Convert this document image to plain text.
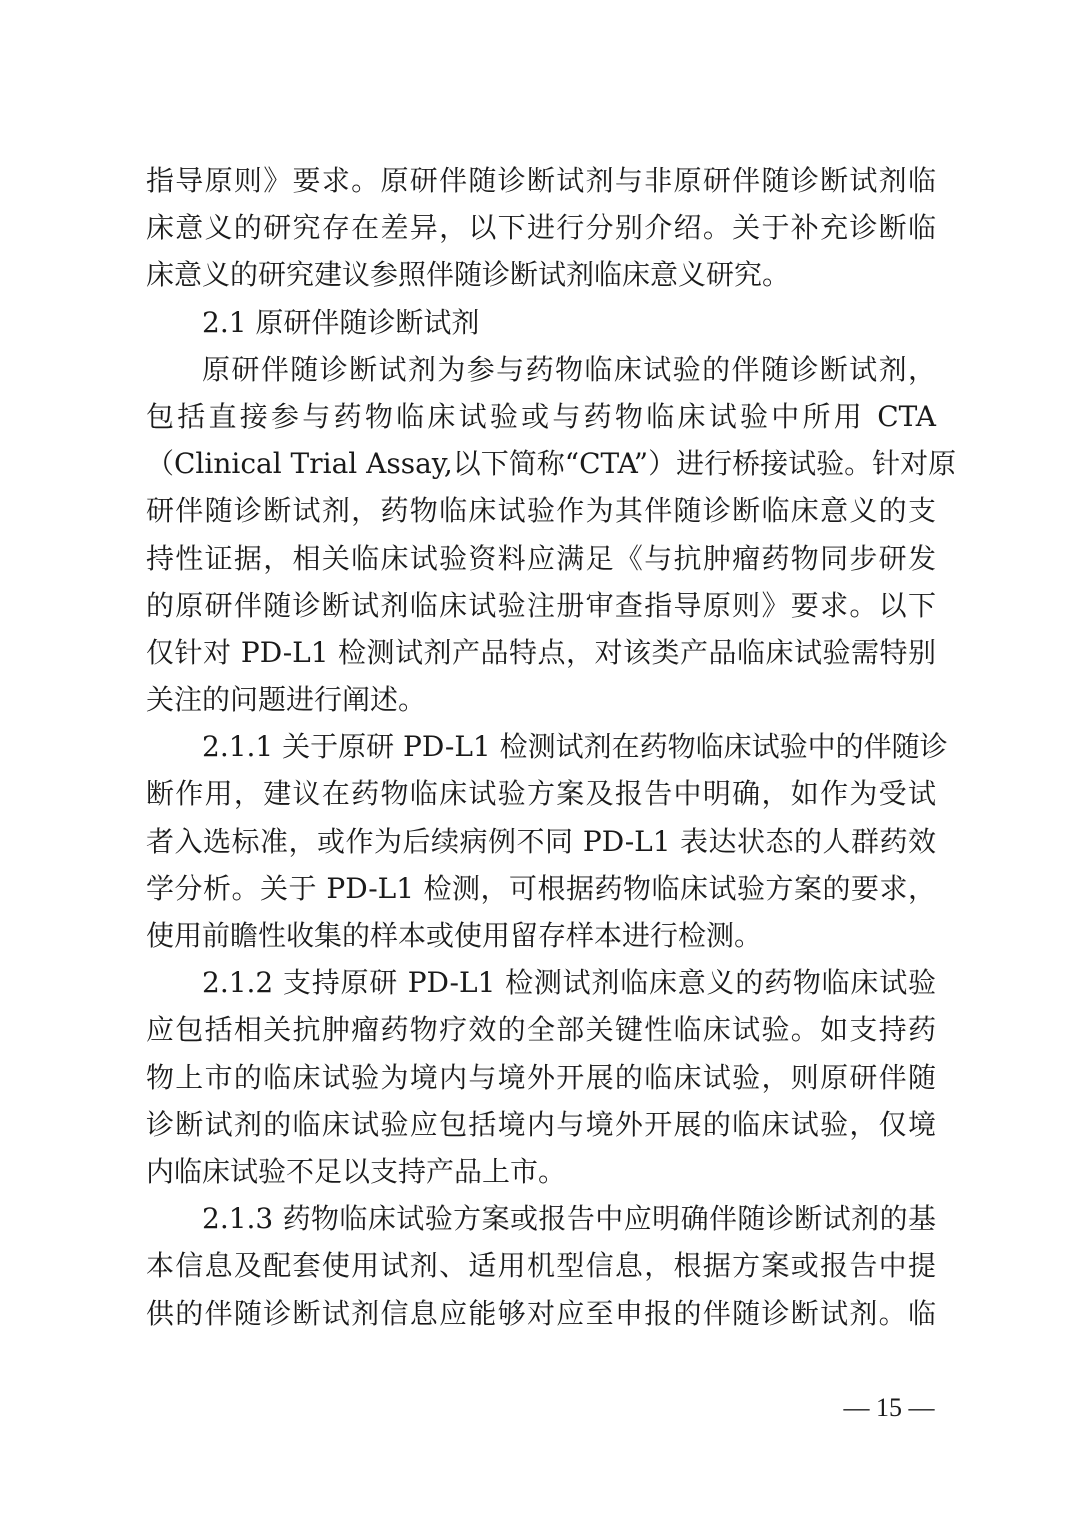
指导原则》要求。原研伴随诊断试剂与非原研伴随诊断试剂临
床意义的研究存在差异，以下进行分别介绍。关于补充诊断临
床意义的研究建议参照伴随诊断试剂临床意义研究。
2.1 原研伴随诊断试剂
原研伴随诊断试剂为参与药物临床试验的伴随诊断试剂，
包括直接参与药物临床试验或与药物临床试验中所用 CTA
（Clinical Trial Assay,以下简称“CTA”）进行桥接试验。针对原
研伴随诊断试剂，药物临床试验作为其伴随诊断临床意义的支
持性证据，相关临床试验资料应满足《与抗肿瘤药物同步研发
的原研伴随诊断试剂临床试验注册审查指导原则》要求。以下
仅针对 PD-L1 检测试剂产品特点，对该类产品临床试验需特别
关注的问题进行阐述。
2.1.1 关于原研 PD-L1 检测试剂在药物临床试验中的伴随诊
断作用，建议在药物临床试验方案及报告中明确，如作为受试
者入选标准，或作为后续病例不同 PD-L1 表达状态的人群药效
学分析。关于 PD-L1 检测，可根据药物临床试验方案的要求，
使用前瞻性收集的样本或使用留存样本进行检测。
2.1.2 支持原研 PD-L1 检测试剂临床意义的药物临床试验
应包括相关抗肿瘤药物疗效的全部关键性临床试验。如支持药
物上市的临床试验为境内与境外开展的临床试验，则原研伴随
诊断试剂的临床试验应包括境内与境外开展的临床试验，仅境
内临床试验不足以支持产品上市。
2.1.3 药物临床试验方案或报告中应明确伴随诊断试剂的基
本信息及配套使用试剂、适用机型信息，根据方案或报告中提
供的伴随诊断试剂信息应能够对应至申报的伴随诊断试剂。临
— 15 —
